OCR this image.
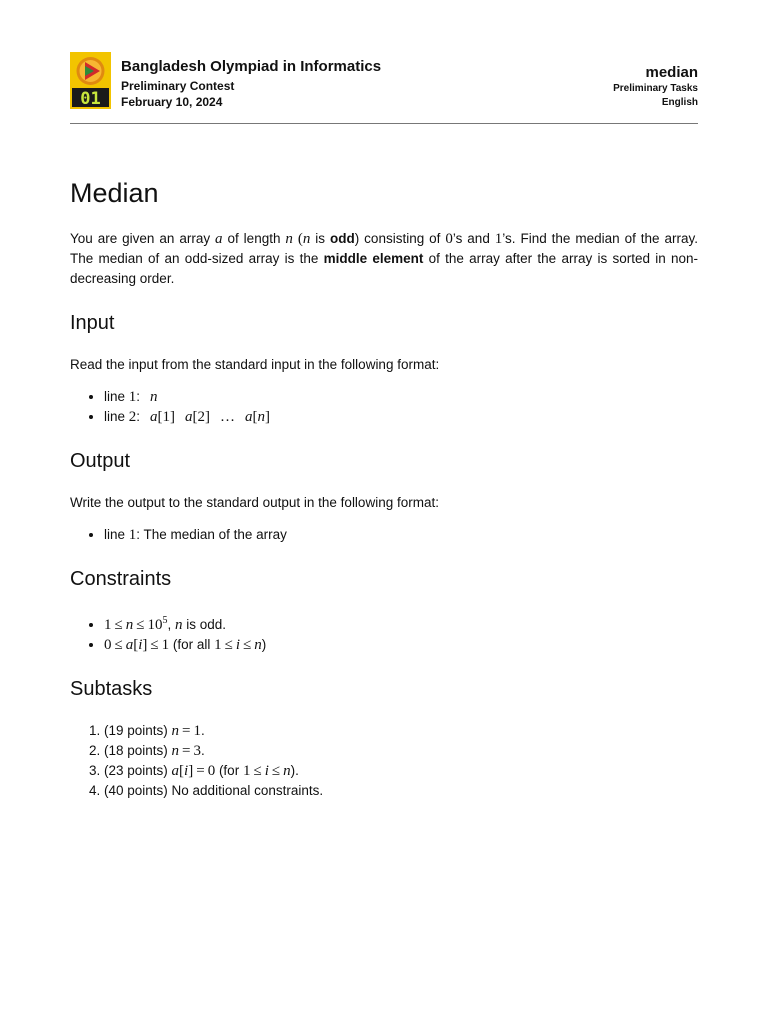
01
Bangladesh Olympiad in Informatics
Preliminary Contest
February 10, 2024
median
Preliminary Tasks
English
Median

You are given an array a of length n (n is odd) consisting of 0’s and 1’s. Find the median of the array. The median of an odd-sized array is the middle element of the array after the array is sorted in non-decreasing order.

Input

Read the input from the standard input in the following format:

• line 1: n
• line 2: a[1] a[2] … a[n]
Output

Write the output to the standard output in the following format:

• line 1: The median of the array
Constraints
• $1 \le n \le 10^5$, n is odd.
• 0 ≤ a[i] ≤ 1 (for all 1 ≤ i ≤ n)
Subtasks
1. (19 points) n = 1.
2. (18 points) n = 3.
3. (23 points) a[i] = 0 (for 1 ≤ i ≤ n).
4. (40 points) No additional constraints.
